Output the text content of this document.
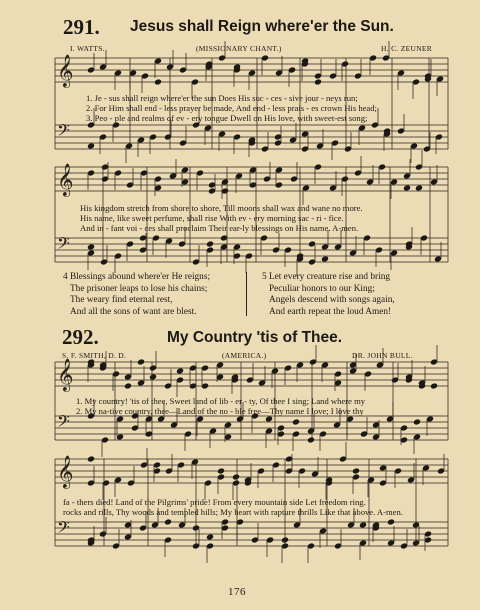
𝄞
𝄢
𝄞
𝄢
𝄞
𝄢
𝄞
𝄢
291. Jesus shall Reign where'er the Sun.
I. WATTS.	(MISSIONARY CHANT.)	H. C. ZEUNER
1. Je - sus shall reign where'er the sun Does His suc - ces - sive jour - neys run;
2. For Him shall end - less prayer be made, And end - less prais - es crown His head;
3. Peo - ple and realms of ev - ery tongue Dwell on His love, with sweet-est song;
His kingdom stretch from shore to shore, Till moons shall wax and wane no more.
His name, like sweet perfume, shall rise With ev - ery morning sac - ri - fice.
And in - fant voi - ces shall proclaim Their ear-ly blessings on His name. A-men.
4 Blessings abound where'er He reigns;
The prisoner leaps to lose his chains;
The weary find eternal rest,
And all the sons of want are blest.
5 Let every creature rise and bring
Peculiar honors to our King;
Angels descend with songs again,
And earth repeat the loud Amen!
292.	My Country 'tis of Thee.
S. F. SMITH, D. D.	(AMERICA.)	DR. JOHN BULL.
1. My country! 'tis of thee, Sweet land of lib - er - ty, Of thee I sing; Land where my
2. My na-tive country, thee—Land of the no - ble free—Thy name I love; I love thy
fa - thers died! Land of the Pilgrims' pride! From every mountain side Let freedom ring.
rocks and rills, Thy woods and templed hills; My heart with rapture thrills Like that above. A-men.
176
